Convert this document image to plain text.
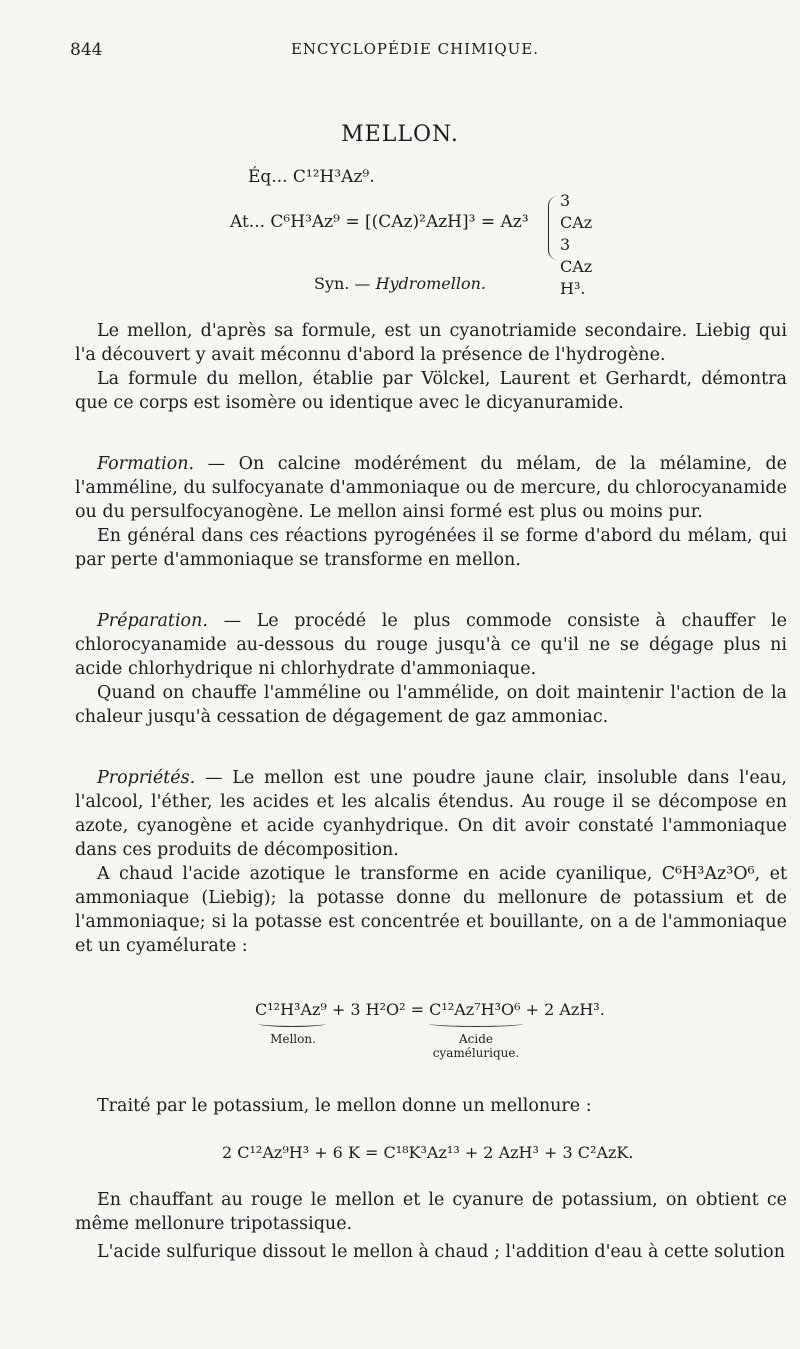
844	ENCYCLOPÉDIE CHIMIQUE.
MELLON.
Éq... C¹²H³Az⁹.
At... C⁶H³Az⁹ = [(CAz)²AzH]³ = Az³
3 CAz
3 CAz
H³.
Syn. — Hydromellon.

Le mellon, d'après sa formule, est un cyanotriamide secondaire. Liebig qui l'a découvert y avait méconnu d'abord la présence de l'hydrogène.

La formule du mellon, établie par Völckel, Laurent et Gerhardt, démontra que ce corps est isomère ou identique avec le dicyanuramide.

Formation. — On calcine modérément du mélam, de la mélamine, de l'amméline, du sulfocyanate d'ammoniaque ou de mercure, du chlorocyanamide ou du persulfocyanogène. Le mellon ainsi formé est plus ou moins pur.

En général dans ces réactions pyrogénées il se forme d'abord du mélam, qui par perte d'ammoniaque se transforme en mellon.

Préparation. — Le procédé le plus commode consiste à chauffer le chlorocyanamide au-dessous du rouge jusqu'à ce qu'il ne se dégage plus ni acide chlorhydrique ni chlorhydrate d'ammoniaque.

Quand on chauffe l'amméline ou l'ammélide, on doit maintenir l'action de la chaleur jusqu'à cessation de dégagement de gaz ammoniac.

Propriétés. — Le mellon est une poudre jaune clair, insoluble dans l'eau, l'alcool, l'éther, les acides et les alcalis étendus. Au rouge il se décompose en azote, cyanogène et acide cyanhydrique. On dit avoir constaté l'ammoniaque dans ces produits de décomposition.

A chaud l'acide azotique le transforme en acide cyanilique, C⁶H³Az³O⁶, et ammoniaque (Liebig); la potasse donne du mellonure de potassium et de l'ammoniaque; si la potasse est concentrée et bouillante, on a de l'ammoniaque et un cyamélurate :

C¹²H³Az⁹ + 3 H²O² = C¹²Az⁷H³O⁶ + 2 AzH³.
Mellon.	Acide
cyamélurique.

Traité par le potassium, le mellon donne un mellonure :

2 C¹²Az⁹H³ + 6 K = C¹⁸K³Az¹³ + 2 AzH³ + 3 C²AzK.

En chauffant au rouge le mellon et le cyanure de potassium, on obtient ce même mellonure tripotassique.

L'acide sulfurique dissout le mellon à chaud ; l'addition d'eau à cette solution
